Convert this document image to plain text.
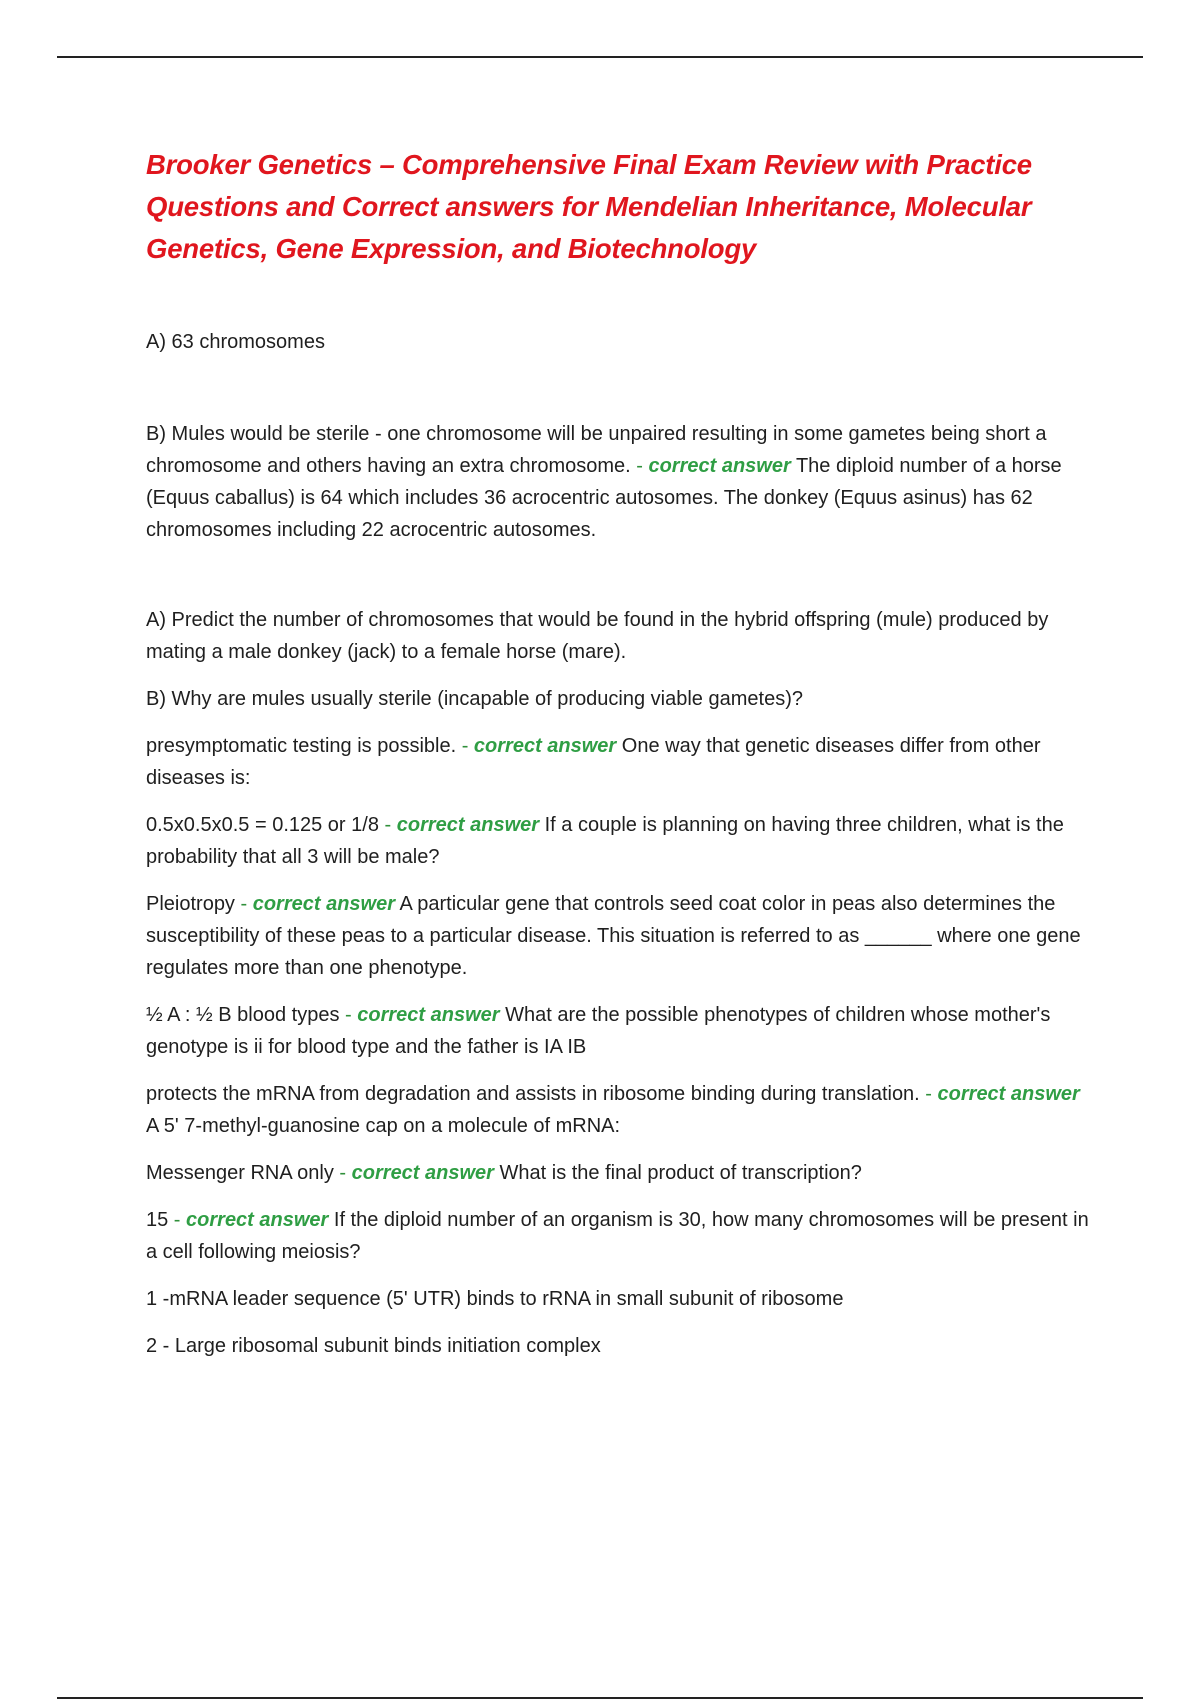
Brooker Genetics – Comprehensive Final Exam Review with Practice Questions and Correct answers for Mendelian Inheritance, Molecular Genetics, Gene Expression, and Biotechnology

A) 63 chromosomes

B) Mules would be sterile - one chromosome will be unpaired resulting in some gametes being short a chromosome and others having an extra chromosome. - correct answer The diploid number of a horse (Equus caballus) is 64 which includes 36 acrocentric autosomes. The donkey (Equus asinus) has 62 chromosomes including 22 acrocentric autosomes.

A) Predict the number of chromosomes that would be found in the hybrid offspring (mule) produced by mating a male donkey (jack) to a female horse (mare).

B) Why are mules usually sterile (incapable of producing viable gametes)?

presymptomatic testing is possible. - correct answer One way that genetic diseases differ from other diseases is:

0.5x0.5x0.5 = 0.125 or 1/8 - correct answer If a couple is planning on having three children, what is the probability that all 3 will be male?

Pleiotropy - correct answer A particular gene that controls seed coat color in peas also determines the susceptibility of these peas to a particular disease. This situation is referred to as ______ where one gene regulates more than one phenotype.

½ A : ½ B blood types - correct answer What are the possible phenotypes of children whose mother's genotype is ii for blood type and the father is IA IB

protects the mRNA from degradation and assists in ribosome binding during translation. - correct answer A 5' 7-methyl-guanosine cap on a molecule of mRNA:

Messenger RNA only - correct answer What is the final product of transcription?

15 - correct answer If the diploid number of an organism is 30, how many chromosomes will be present in a cell following meiosis?

1 -mRNA leader sequence (5' UTR) binds to rRNA in small subunit of ribosome

2 - Large ribosomal subunit binds initiation complex
